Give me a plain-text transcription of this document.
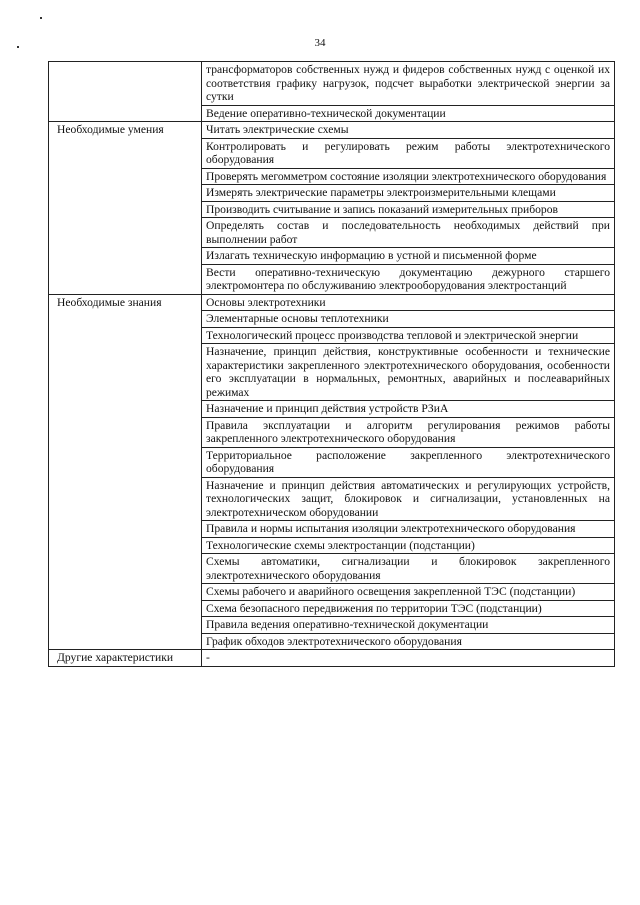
34
	трансформаторов собственных нужд и фидеров собственных нужд с оценкой их соответствия графику нагрузок, подсчет выработки электрической энергии за сутки
	Ведение оперативно-технической документации
Необходимые умения	Читать электрические схемы
	Контролировать и регулировать режим работы электротехнического оборудования
	Проверять мегомметром состояние изоляции электротехнического оборудования
	Измерять электрические параметры электроизмерительными клещами
	Производить считывание и запись показаний измерительных приборов
	Определять состав и последовательность необходимых действий при выполнении работ
	Излагать техническую информацию в устной и письменной форме
	Вести оперативно-техническую документацию дежурного старшего электромонтера по обслуживанию электрооборудования электростанций
Необходимые знания	Основы электротехники
	Элементарные основы теплотехники
	Технологический процесс производства тепловой и электрической энергии
	Назначение, принцип действия, конструктивные особенности и технические характеристики закрепленного электротехнического оборудования, особенности его эксплуатации в нормальных, ремонтных, аварийных и послеаварийных режимах
	Назначение и принцип действия устройств РЗиА
	Правила эксплуатации и алгоритм регулирования режимов работы закрепленного электротехнического оборудования
	Территориальное расположение закрепленного электротехнического оборудования
	Назначение и принцип действия автоматических и регулирующих устройств, технологических защит, блокировок и сигнализации, установленных на электротехническом оборудовании
	Правила и нормы испытания изоляции электротехнического оборудования
	Технологические схемы электростанции (подстанции)
	Схемы автоматики, сигнализации и блокировок закрепленного электротехнического оборудования
	Схемы рабочего и аварийного освещения закрепленной ТЭС (подстанции)
	Схема безопасного передвижения по территории ТЭС (подстанции)
	Правила ведения оперативно-технической документации
	График обходов электротехнического оборудования
Другие характеристики	-
